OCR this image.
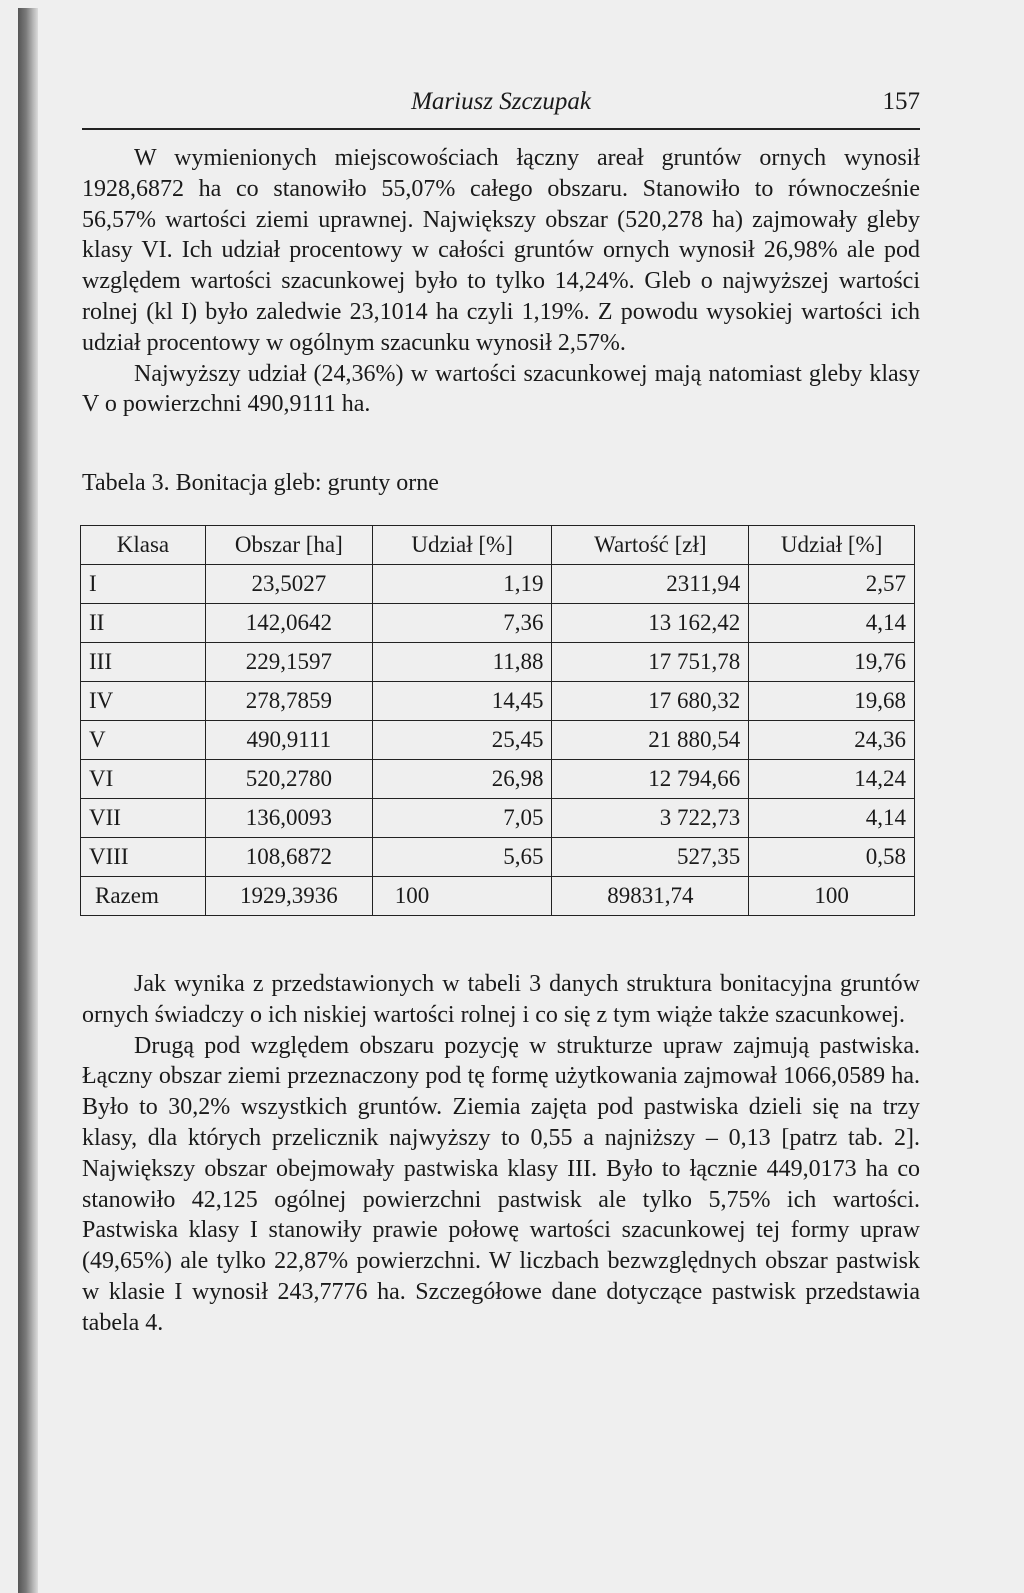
Mariusz Szczupak	157

W wymienionych miejscowościach łączny areał gruntów ornych wynosił 1928,6872 ha co stanowiło 55,07% całego obszaru. Stanowiło to równocześnie 56,57% wartości ziemi uprawnej. Największy obszar (520,278 ha) zajmowały gleby klasy VI. Ich udział procentowy w całości gruntów ornych wynosił 26,98% ale pod względem wartości szacunkowej było to tylko 14,24%. Gleb o najwyższej wartości rolnej (kl I) było zaledwie 23,1014 ha czyli 1,19%. Z powodu wysokiej wartości ich udział procentowy w ogólnym szacunku wynosił 2,57%.

Najwyższy udział (24,36%) w wartości szacunkowej mają natomiast gleby klasy V o powierzchni 490,9111 ha.

Tabela 3. Bonitacja gleb: grunty orne
Klasa	Obszar [ha]	Udział [%]	Wartość [zł]	Udział [%]
I	23,5027	1,19	2311,94	2,57
II	142,0642	7,36	13 162,42	4,14
III	229,1597	11,88	17 751,78	19,76
IV	278,7859	14,45	17 680,32	19,68
V	490,9111	25,45	21 880,54	24,36
VI	520,2780	26,98	12 794,66	14,24
VII	136,0093	7,05	3 722,73	4,14
VIII	108,6872	5,65	527,35	0,58
Razem	1929,3936	100	89831,74	100

Jak wynika z przedstawionych w tabeli 3 danych struktura bonitacyjna gruntów ornych świadczy o ich niskiej wartości rolnej i co się z tym wiąże także szacunkowej.

Drugą pod względem obszaru pozycję w strukturze upraw zajmują pastwiska. Łączny obszar ziemi przeznaczony pod tę formę użytkowania zajmował 1066,0589 ha. Było to 30,2% wszystkich gruntów. Ziemia zajęta pod pastwiska dzieli się na trzy klasy, dla których przelicznik najwyższy to 0,55 a najniższy – 0,13 [patrz tab. 2]. Największy obszar obejmowały pastwiska klasy III. Było to łącznie 449,0173 ha co stanowiło 42,125 ogólnej powierzchni pastwisk ale tylko 5,75% ich wartości. Pastwiska klasy I stanowiły prawie połowę wartości szacunkowej tej formy upraw (49,65%) ale tylko 22,87% powierzchni. W liczbach bezwzględnych obszar pastwisk w klasie I wynosił 243,7776 ha. Szczegółowe dane dotyczące pastwisk przedstawia tabela 4.
